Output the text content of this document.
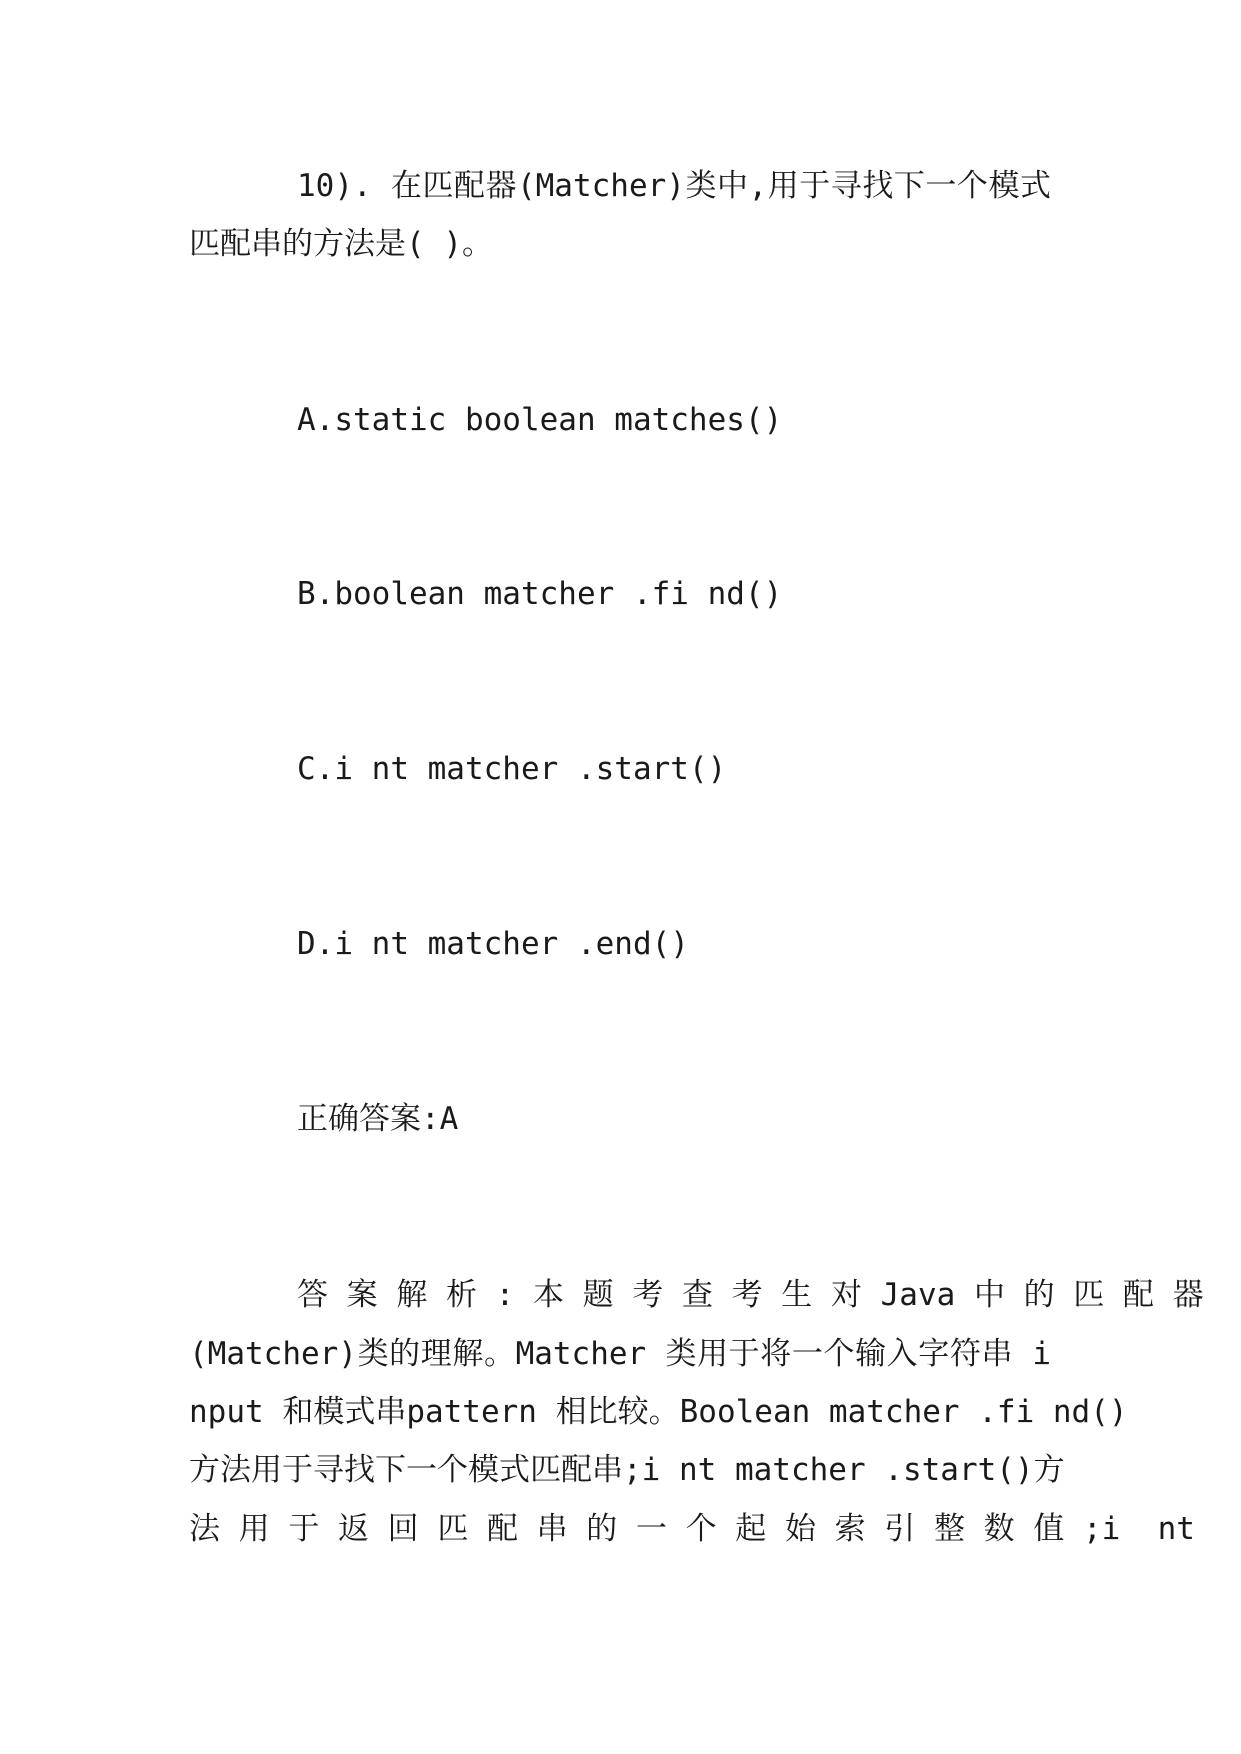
10). 在匹配器(Matcher)类中,用于寻找下一个模式
匹配串的方法是( )。
A.static boolean matches()
B.boolean matcher .fi nd()
C.i nt matcher .start()
D.i nt matcher .end()
正确答案:A
答 案 解 析 : 本 题 考 查 考 生 对 Java 中 的 匹 配 器
(Matcher)类的理解。Matcher 类用于将一个输入字符串 i
nput 和模式串pattern 相比较。Boolean matcher .fi nd()
方法用于寻找下一个模式匹配串;i nt matcher .start()方
法 用 于 返 回 匹 配 串 的 一 个 起 始 索 引 整 数 值 ;i  nt
